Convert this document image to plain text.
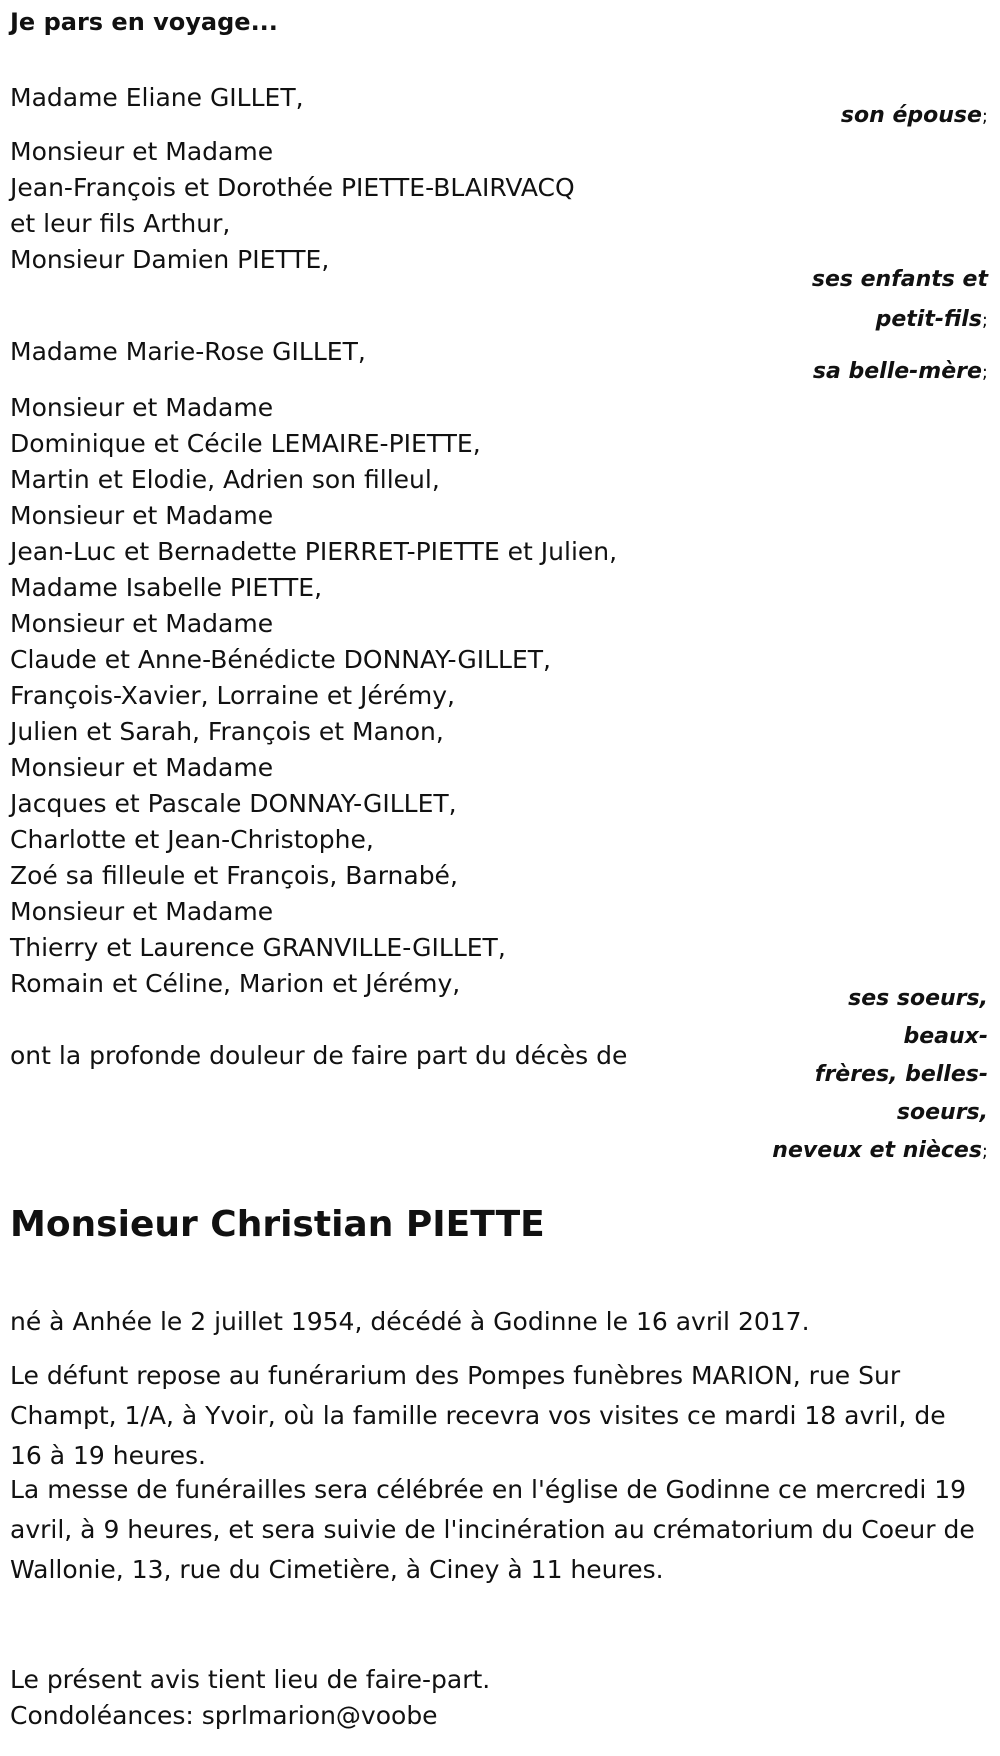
Je pars en voyage...

Madame Eliane GILLET,

son épouse;

Monsieur et Madame

Jean-François et Dorothée PIETTE-BLAIRVACQ

et leur fils Arthur,

Monsieur Damien PIETTE,

ses enfants et
petit-fils;

Madame Marie-Rose GILLET,

sa belle-mère;

Monsieur et Madame

Dominique et Cécile LEMAIRE-PIETTE,

Martin et Elodie, Adrien son filleul,

Monsieur et Madame

Jean-Luc et Bernadette PIERRET-PIETTE et Julien,

Madame Isabelle PIETTE,

Monsieur et Madame

Claude et Anne-Bénédicte DONNAY-GILLET,

François-Xavier, Lorraine et Jérémy,

Julien et Sarah, François et Manon,

Monsieur et Madame

Jacques et Pascale DONNAY-GILLET,

Charlotte et Jean-Christophe,

Zoé sa filleule et François, Barnabé,

Monsieur et Madame

Thierry et Laurence GRANVILLE-GILLET,

Romain et Céline, Marion et Jérémy,

ses soeurs, beaux-
frères, belles-
soeurs,
neveux et nièces;

ont la profonde douleur de faire part du décès de

Monsieur Christian PIETTE

né à Anhée le 2 juillet 1954, décédé à Godinne le 16 avril 2017.

Le défunt repose au funérarium des Pompes funèbres MARION, rue Sur Champt, 1/A, à Yvoir, où la famille recevra vos visites ce mardi 18 avril, de 16 à 19 heures.

La messe de funérailles sera célébrée en l'église de Godinne ce mercredi 19 avril, à 9 heures, et sera suivie de l'incinération au crématorium du Coeur de Wallonie, 13, rue du Cimetière, à Ciney à 11 heures.

Le présent avis tient lieu de faire-part.

Condoléances: sprlmarion@voobe
